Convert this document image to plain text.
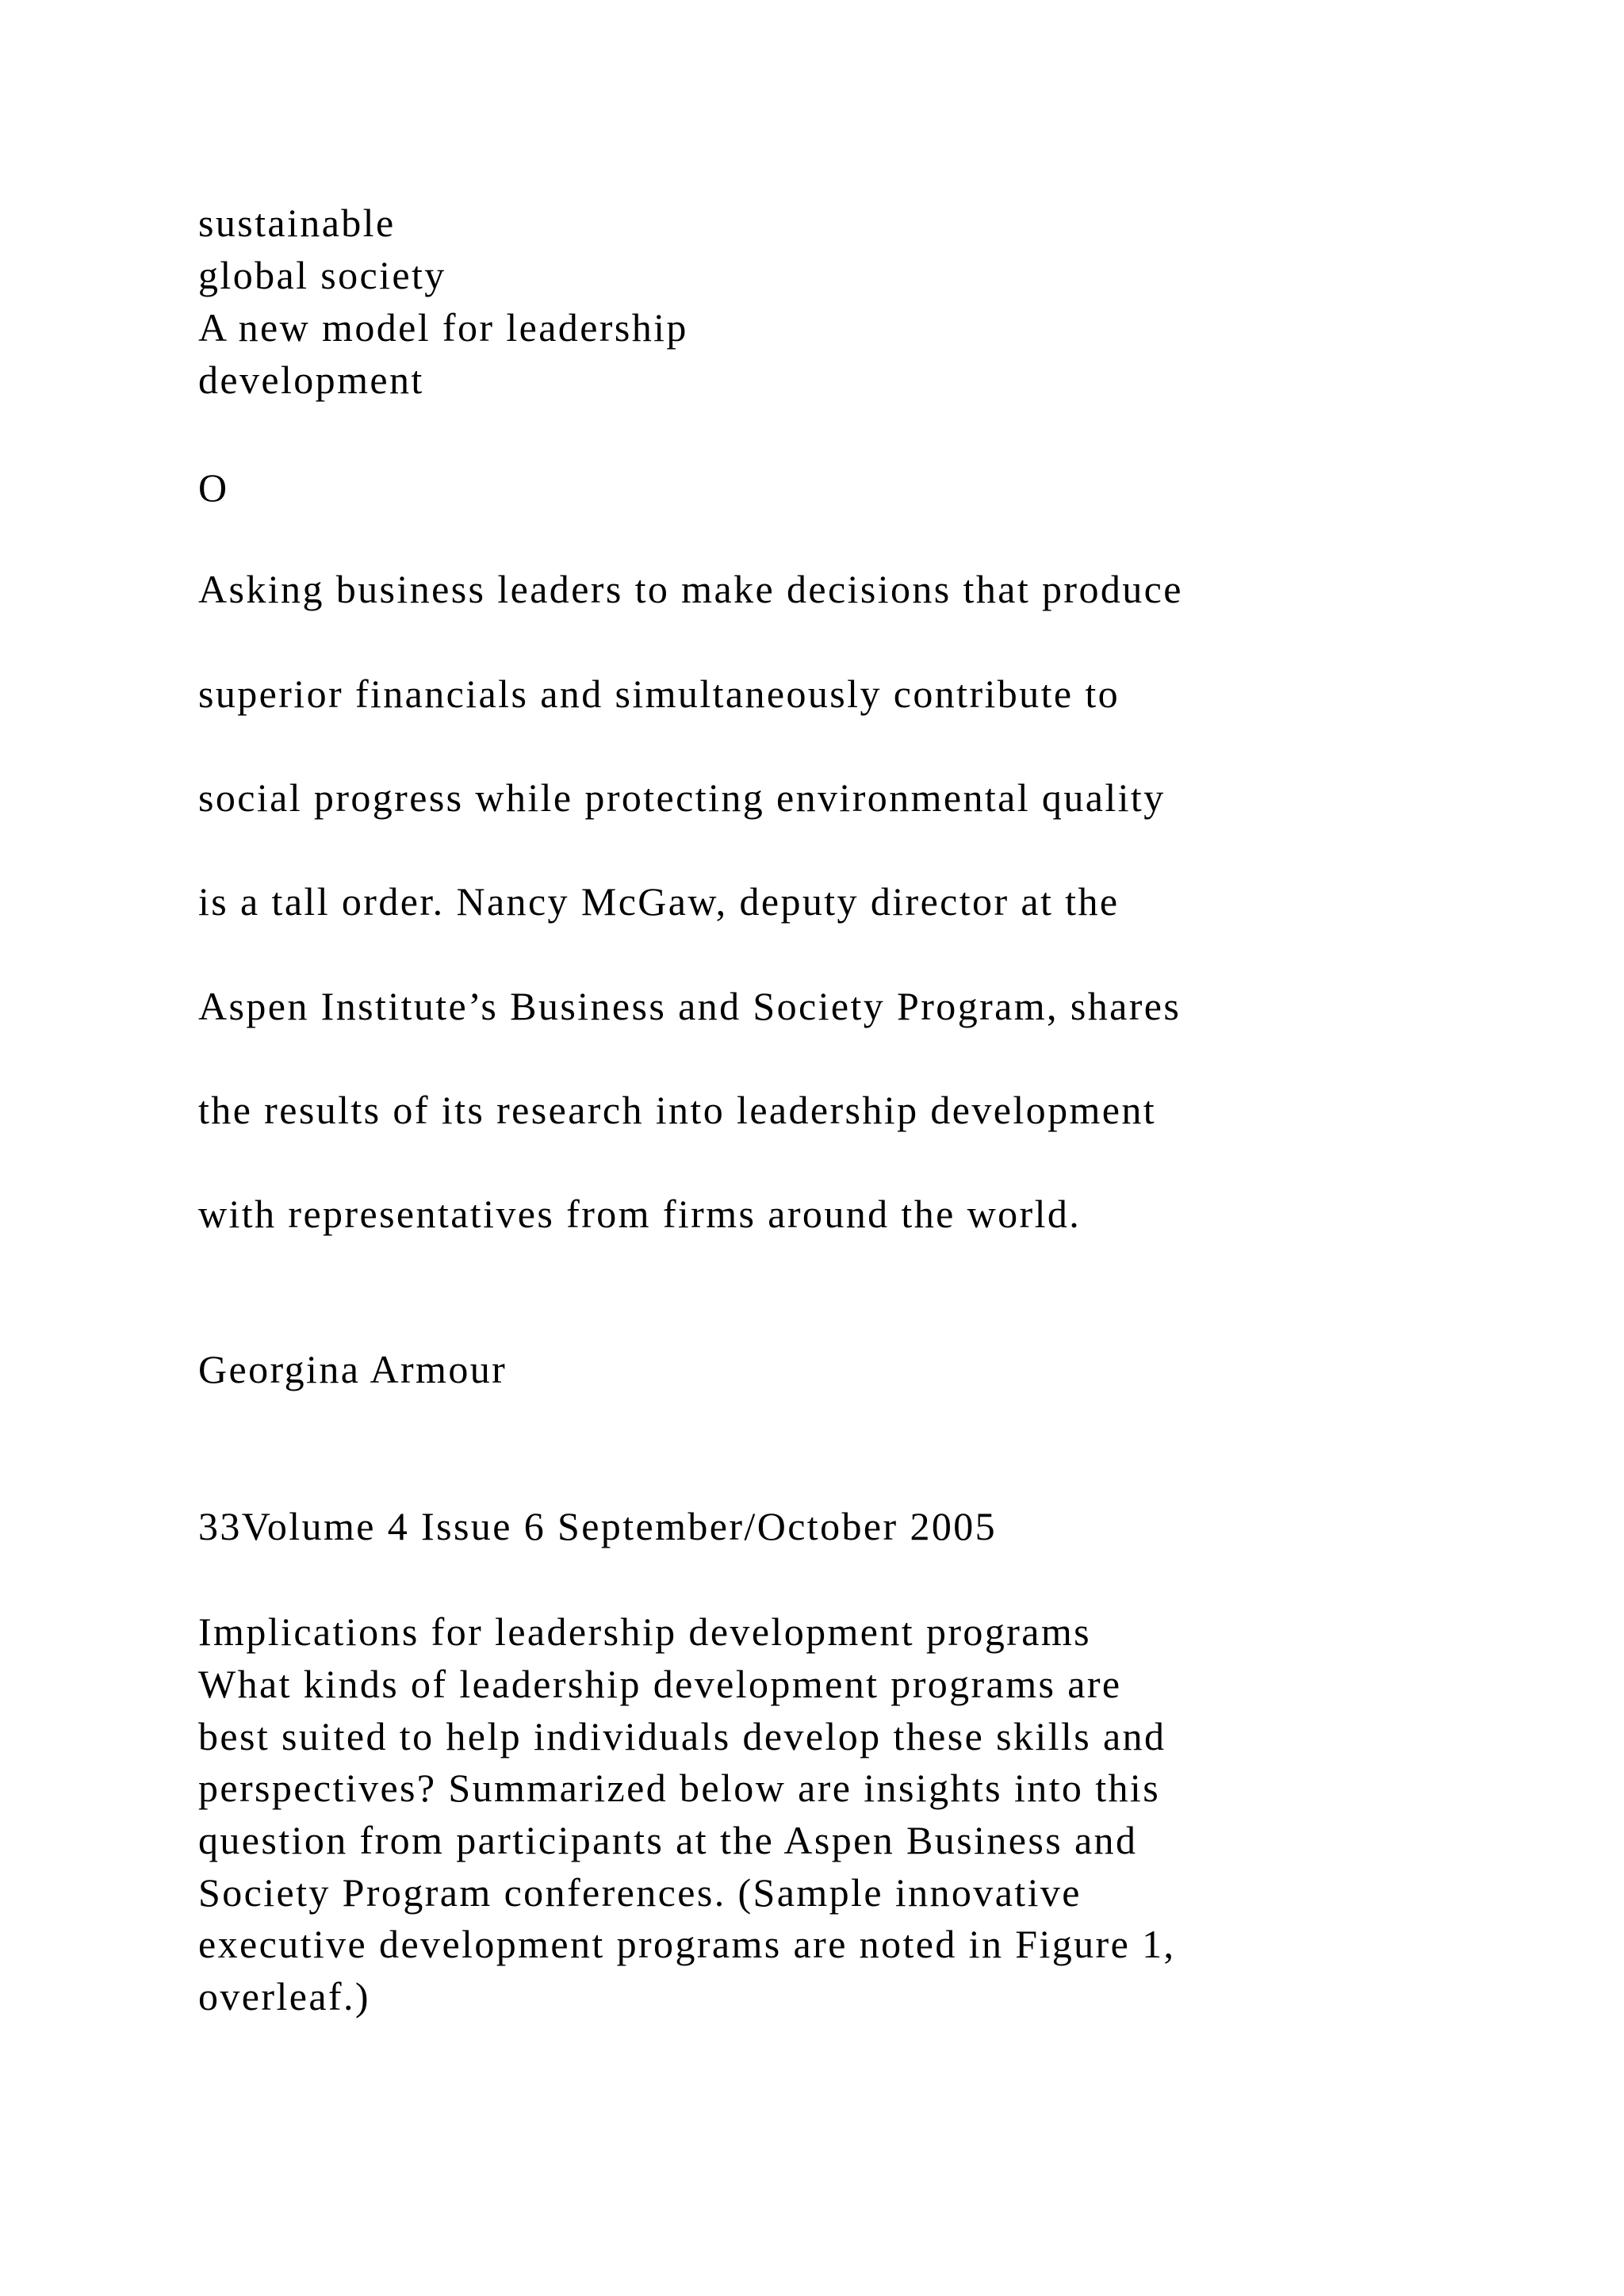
sustainable
global society
A new model for leadership
development
O
Asking business leaders to make decisions that produce
superior financials and simultaneously contribute to
social progress while protecting environmental quality
is a tall order. Nancy McGaw, deputy director at the
Aspen Institute’s Business and Society Program, shares
the results of its research into leadership development
with representatives from firms around the world.
Georgina Armour
33Volume 4 Issue 6 September/October 2005
Implications for leadership development programs
What kinds of leadership development programs are
best suited to help individuals develop these skills and
perspectives? Summarized below are insights into this
question from participants at the Aspen Business and
Society Program conferences. (Sample innovative
executive development programs are noted in Figure 1,
overleaf.)
